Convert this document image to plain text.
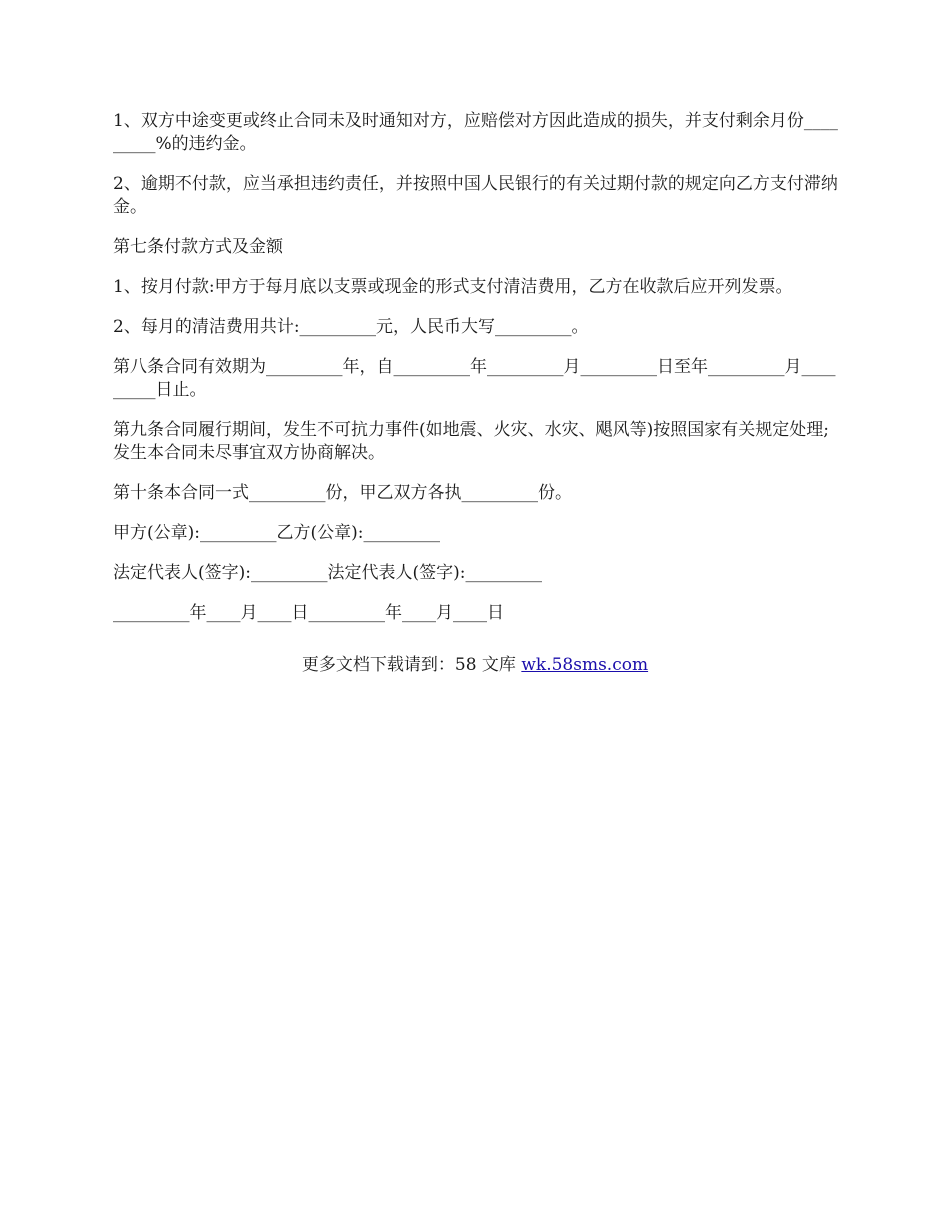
1、双方中途变更或终止合同未及时通知对方，应赔偿对方因此造成的损失，并支付剩余月份_________%的违约金。

2、逾期不付款，应当承担违约责任，并按照中国人民银行的有关过期付款的规定向乙方支付滞纳金。

第七条付款方式及金额

1、按月付款:甲方于每月底以支票或现金的形式支付清洁费用，乙方在收款后应开列发票。

2、每月的清洁费用共计:_________元，人民币大写_________。

第八条合同有效期为_________年，自_________年_________月_________日至年_________月_________日止。

第九条合同履行期间，发生不可抗力事件(如地震、火灾、水灾、飓风等)按照国家有关规定处理;发生本合同未尽事宜双方协商解决。

第十条本合同一式_________份，甲乙双方各执_________份。

甲方(公章):_________乙方(公章):_________

法定代表人(签字):_________法定代表人(签字):_________

_________年____月____日_________年____月____日

更多文档下载请到：58 文库 wk.58sms.com
